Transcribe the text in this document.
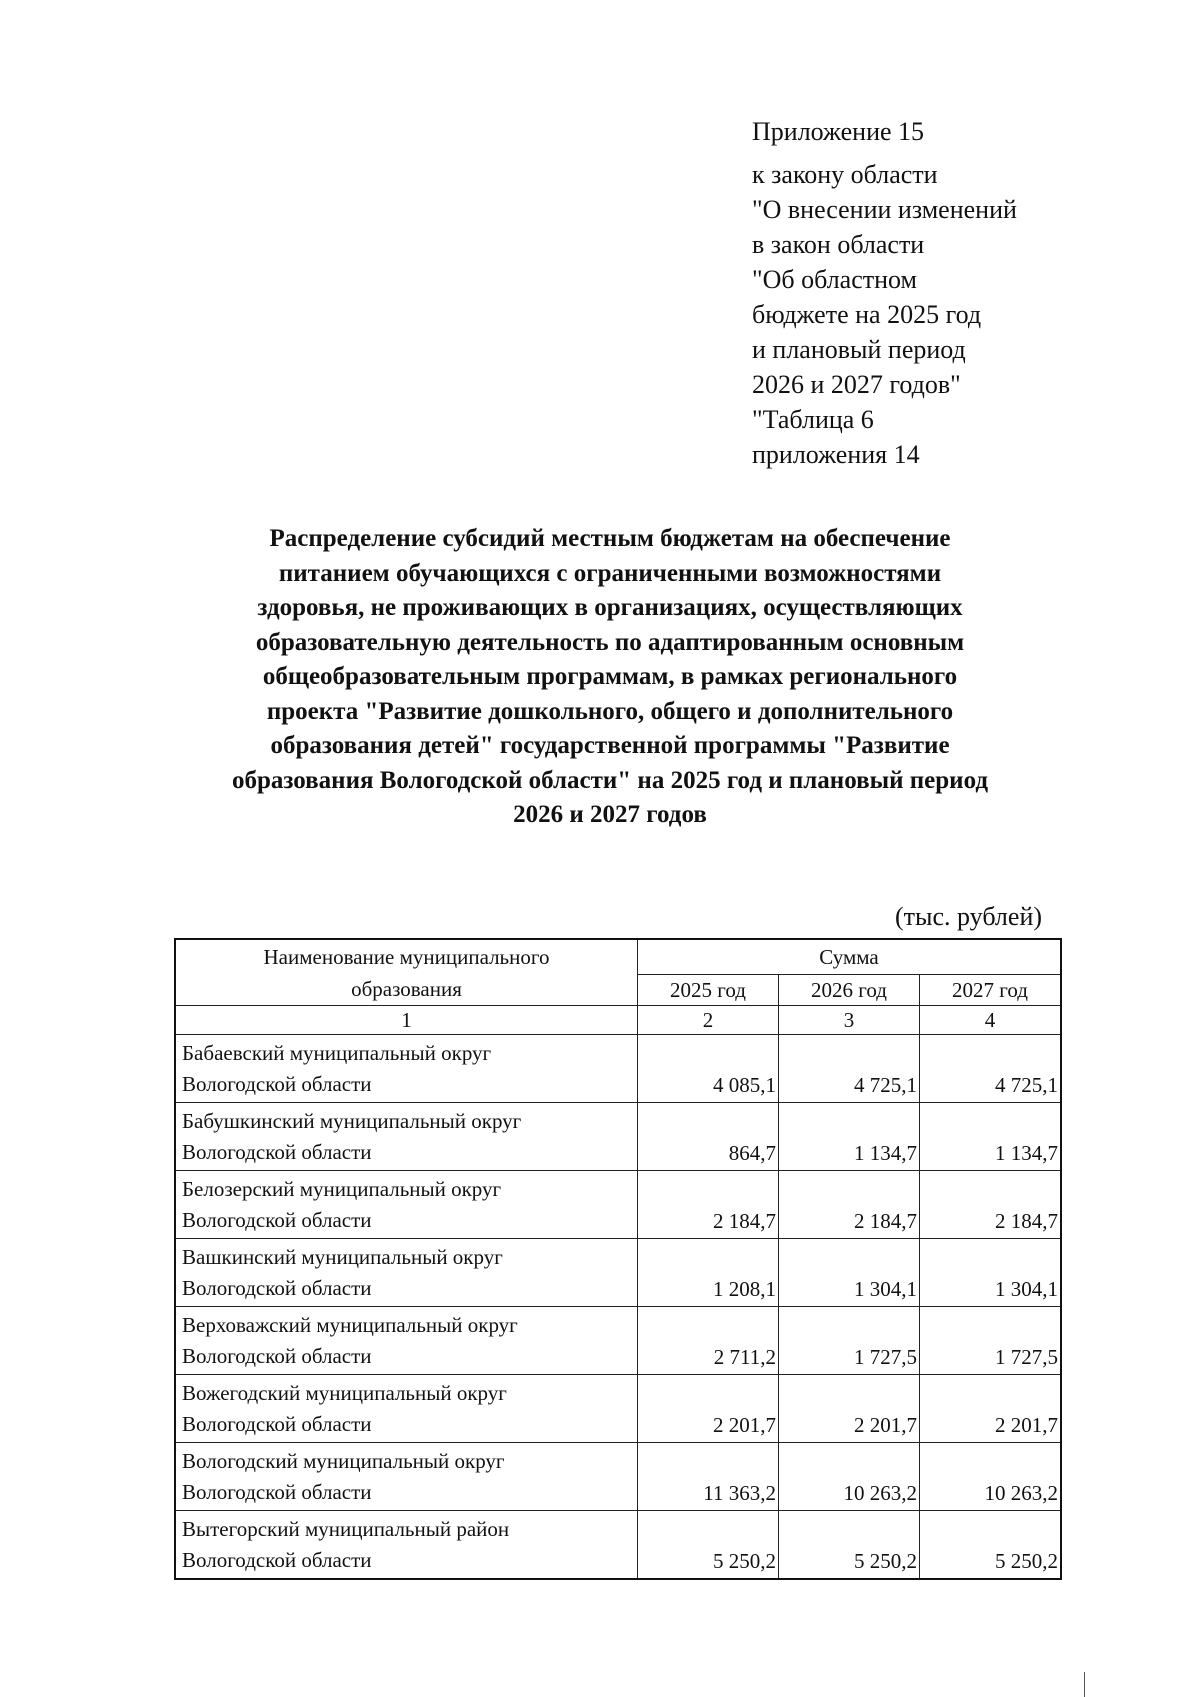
Приложение 15
к закону области
"О внесении изменений
в закон области
"Об областном
бюджете на 2025 год
и плановый период
2026 и 2027 годов"
"Таблица 6
приложения 14
Распределение субсидий местным бюджетам на обеспечение
питанием обучающихся с ограниченными возможностями
здоровья, не проживающих в организациях, осуществляющих
образовательную деятельность по адаптированным основным
общеобразовательным программам, в рамках регионального
проекта "Развитие дошкольного, общего и дополнительного
образования детей" государственной программы "Развитие
образования Вологодской области" на 2025 год и плановый период
2026 и 2027 годов
(тыс. рублей)
Наименование муниципального
образования	Сумма		
	2025 год	2026 год	2027 год
1	2	3	4

Бабаевский муниципальный округ
Вологодской области	4 085,1	4 725,1	4 725,1

Бабушкинский муниципальный округ
Вологодской области	864,7	1 134,7	1 134,7

Белозерский муниципальный округ
Вологодской области	2 184,7	2 184,7	2 184,7

Вашкинский муниципальный округ
Вологодской области	1 208,1	1 304,1	1 304,1

Верховажский муниципальный округ
Вологодской области	2 711,2	1 727,5	1 727,5

Вожегодский муниципальный округ
Вологодской области	2 201,7	2 201,7	2 201,7

Вологодский муниципальный округ
Вологодской области	11 363,2	10 263,2	10 263,2

Вытегорский муниципальный район
Вологодской области	5 250,2	5 250,2	5 250,2
